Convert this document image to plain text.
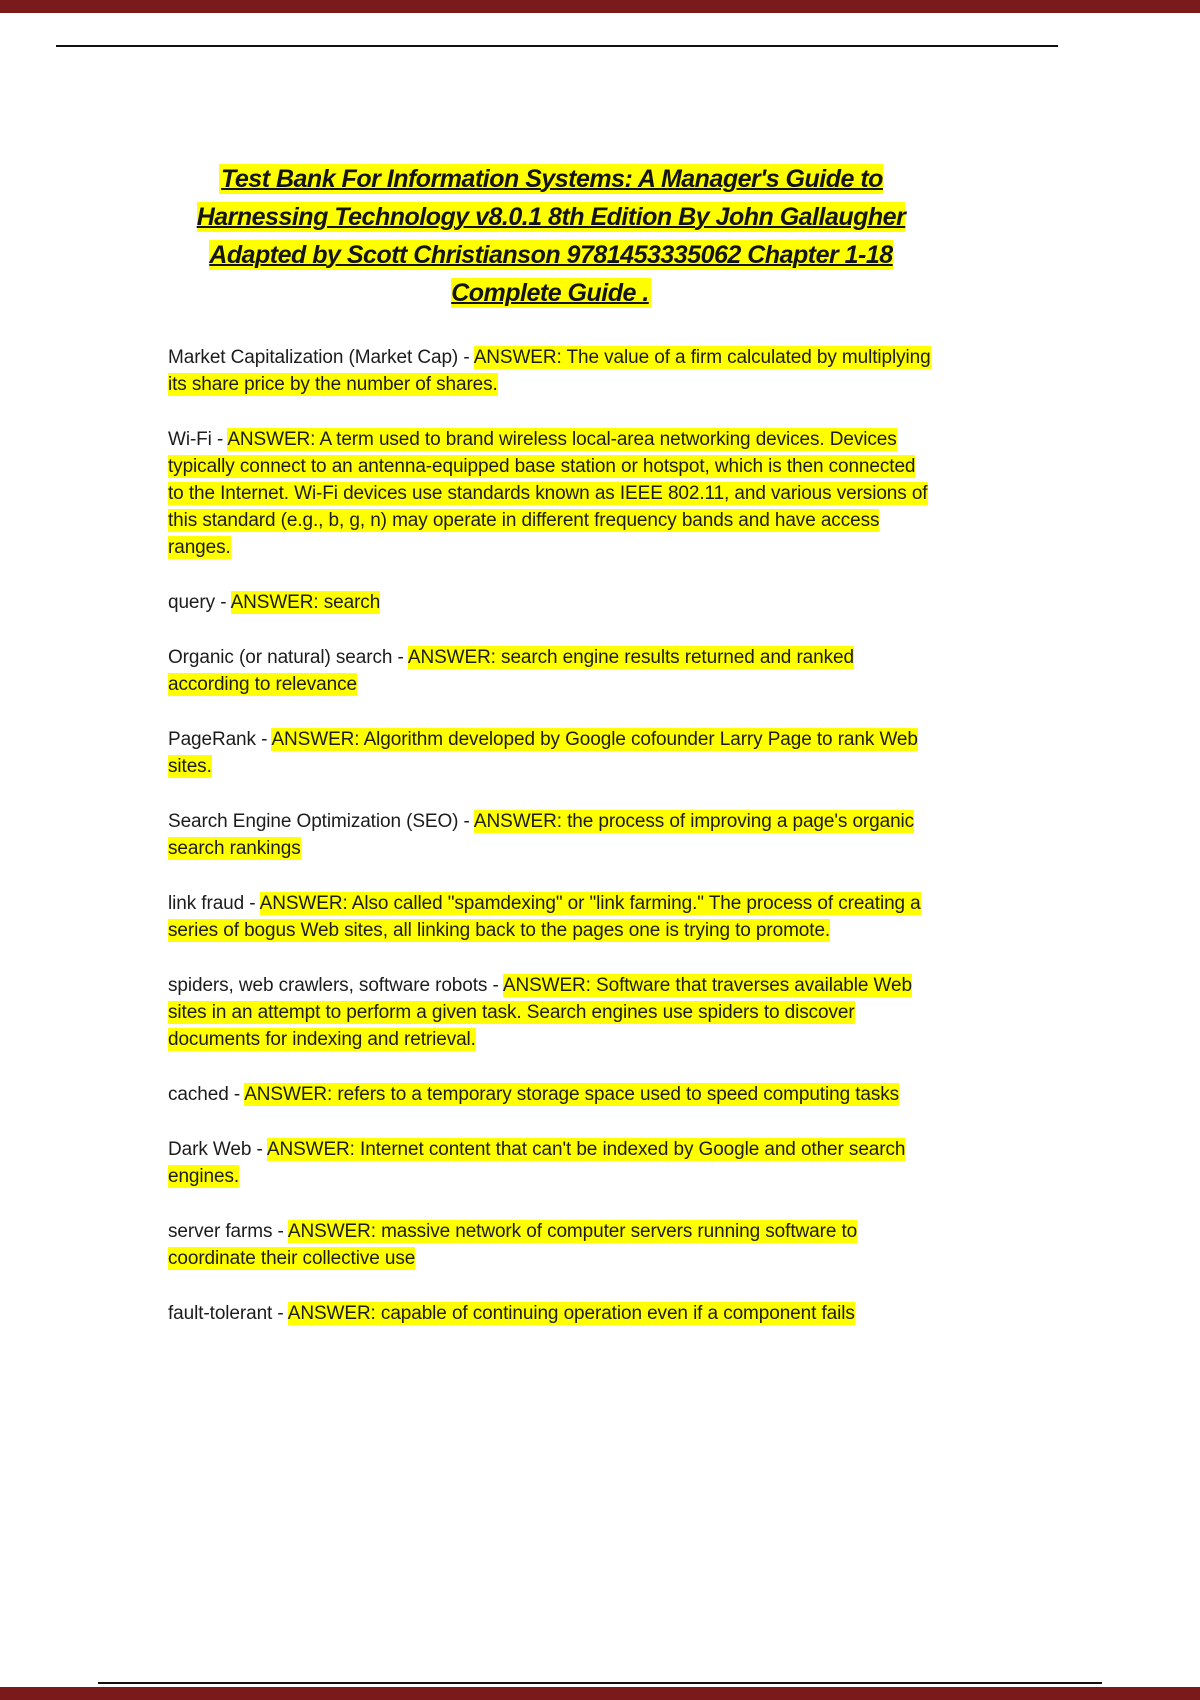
Test Bank For Information Systems: A Manager's Guide to Harnessing Technology v8.0.1 8th Edition By John Gallaugher Adapted by Scott Christianson 9781453335062 Chapter 1-18 Complete Guide .

Market Capitalization (Market Cap) - ANSWER: The value of a firm calculated by multiplying its share price by the number of shares.

Wi-Fi - ANSWER: A term used to brand wireless local-area networking devices. Devices typically connect to an antenna-equipped base station or hotspot, which is then connected to the Internet. Wi-Fi devices use standards known as IEEE 802.11, and various versions of this standard (e.g., b, g, n) may operate in different frequency bands and have access ranges.

query - ANSWER: search

Organic (or natural) search - ANSWER: search engine results returned and ranked according to relevance

PageRank - ANSWER: Algorithm developed by Google cofounder Larry Page to rank Web sites.

Search Engine Optimization (SEO) - ANSWER: the process of improving a page's organic search rankings

link fraud - ANSWER: Also called "spamdexing" or "link farming." The process of creating a series of bogus Web sites, all linking back to the pages one is trying to promote.

spiders, web crawlers, software robots - ANSWER: Software that traverses available Web sites in an attempt to perform a given task. Search engines use spiders to discover documents for indexing and retrieval.

cached - ANSWER: refers to a temporary storage space used to speed computing tasks

Dark Web - ANSWER: Internet content that can't be indexed by Google and other search engines.

server farms - ANSWER: massive network of computer servers running software to coordinate their collective use

fault-tolerant - ANSWER: capable of continuing operation even if a component fails
